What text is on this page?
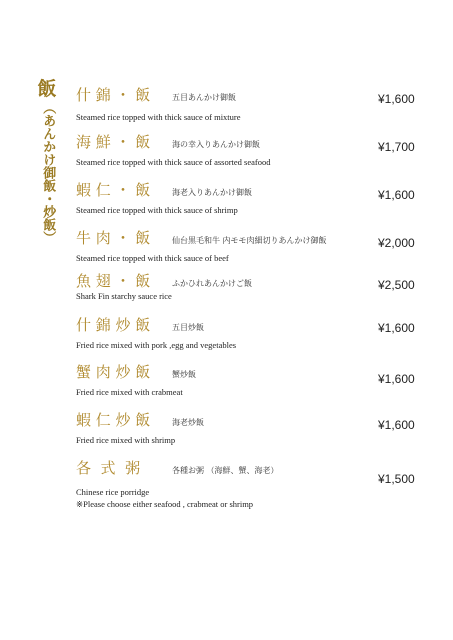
飯
（あんかけ御飯・炒飯）
什 錦 ・ 飯	五目あんかけ御飯
Steamed rice topped with thick sauce of mixture
¥1,600
海 鮮 ・ 飯	海の幸入りあんかけ御飯
Steamed rice topped with thick sauce of assorted seafood
¥1,700
蝦 仁 ・ 飯	海老入りあんかけ御飯
Steamed rice topped with thick sauce of shrimp
¥1,600
牛 肉 ・ 飯	仙台黒毛和牛 内モモ肉細切りあんかけ御飯
Steamed rice topped with thick sauce of beef
¥2,000
魚 翅 ・ 飯	ふかひれあんかけご飯
Shark Fin starchy sauce rice
¥2,500
什 錦 炒 飯	五目炒飯
Fried rice mixed with pork ,egg and vegetables
¥1,600
蟹 肉 炒 飯	蟹炒飯
Fried rice mixed with crabmeat
¥1,600
蝦 仁 炒 飯	海老炒飯
Fried rice mixed with shrimp
¥1,600
各  式  粥	各種お粥 （海鮮、蟹、海老）
Chinese rice porridge
※Please choose either seafood , crabmeat or shrimp
¥1,500
